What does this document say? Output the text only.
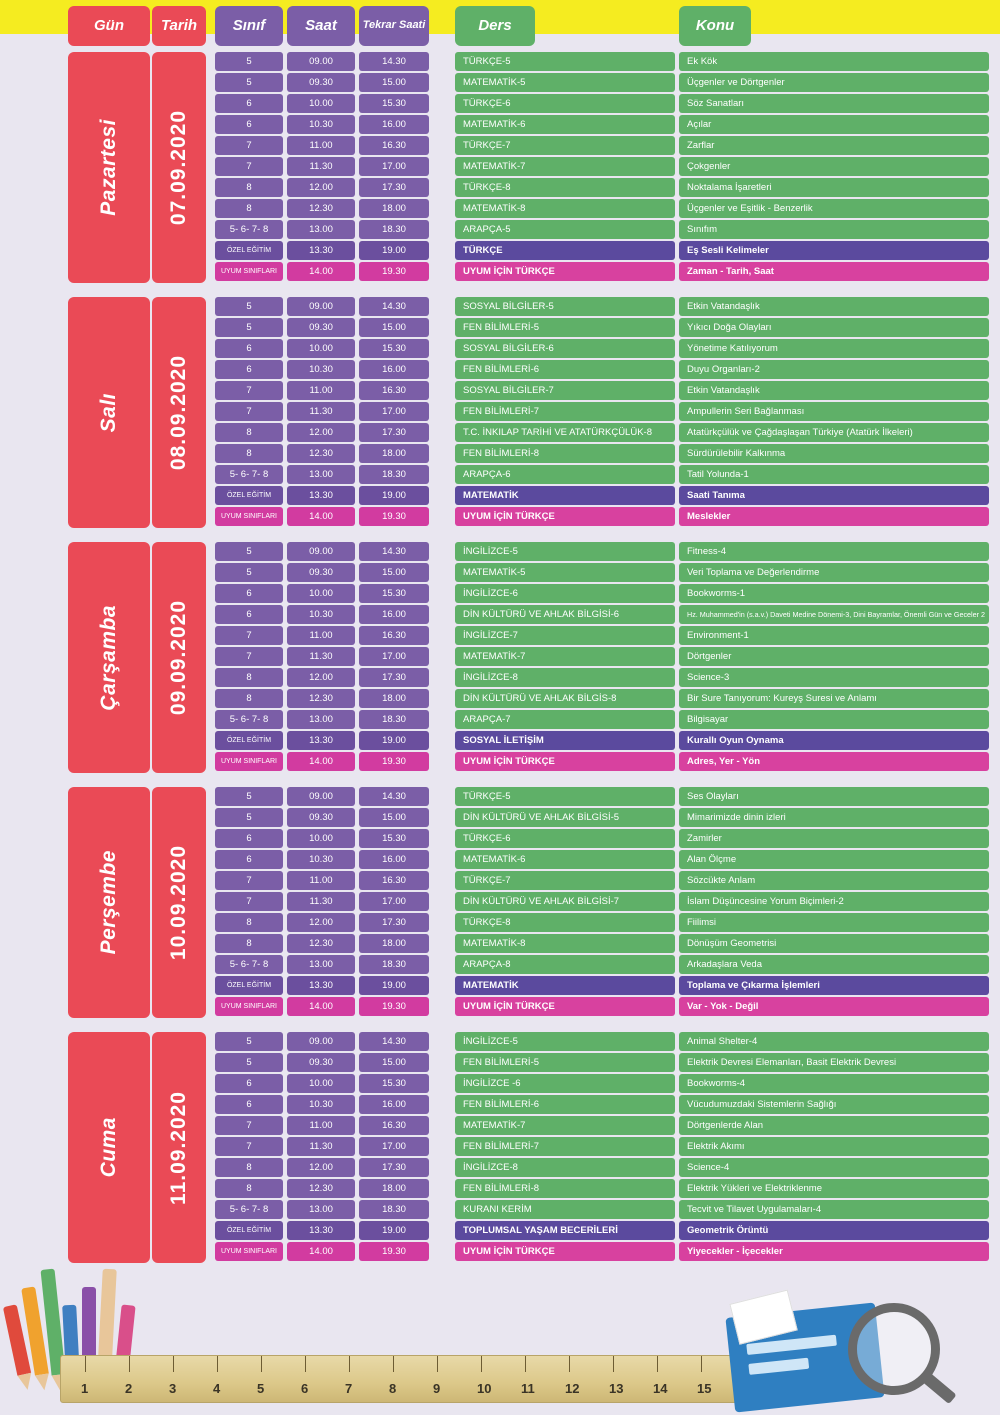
Gün	Tarih	Sınıf	Saat	Tekrar Saati	Ders	Konu
Pazartesi 07.09.2020
5	09.00	14.30	TÜRKÇE-5	Ek Kök
5	09.30	15.00	MATEMATİK-5	Üçgenler ve Dörtgenler
6	10.00	15.30	TÜRKÇE-6	Söz Sanatları
6	10.30	16.00	MATEMATİK-6	Açılar
7	11.00	16.30	TÜRKÇE-7	Zarflar
7	11.30	17.00	MATEMATİK-7	Çokgenler
8	12.00	17.30	TÜRKÇE-8	Noktalama İşaretleri
8	12.30	18.00	MATEMATİK-8	Üçgenler ve Eşitlik - Benzerlik
5- 6- 7- 8	13.00	18.30	ARAPÇA-5	Sınıfım
ÖZEL EĞİTİM	13.30	19.00	TÜRKÇE	Eş Sesli Kelimeler
UYUM SINIFLARI	14.00	19.30	UYUM İÇİN TÜRKÇE	Zaman - Tarih, Saat
Salı 08.09.2020
5	09.00	14.30	SOSYAL BİLGİLER-5	Etkin Vatandaşlık
5	09.30	15.00	FEN BİLİMLERİ-5	Yıkıcı Doğa Olayları
6	10.00	15.30	SOSYAL BİLGİLER-6	Yönetime Katılıyorum
6	10.30	16.00	FEN BİLİMLERİ-6	Duyu Organları-2
7	11.00	16.30	SOSYAL BİLGİLER-7	Etkin Vatandaşlık
7	11.30	17.00	FEN BİLİMLERİ-7	Ampullerin Seri Bağlanması
8	12.00	17.30	T.C. İNKILAP TARİHİ VE ATATÜRKÇÜLÜK-8	Atatürkçülük ve Çağdaşlaşan Türkiye (Atatürk İlkeleri)
8	12.30	18.00	FEN BİLİMLERİ-8	Sürdürülebilir Kalkınma
5- 6- 7- 8	13.00	18.30	ARAPÇA-6	Tatil Yolunda-1
ÖZEL EĞİTİM	13.30	19.00	MATEMATİK	Saati Tanıma
UYUM SINIFLARI	14.00	19.30	UYUM İÇİN TÜRKÇE	Meslekler
Çarşamba 09.09.2020
5	09.00	14.30	İNGİLİZCE-5	Fitness-4
5	09.30	15.00	MATEMATİK-5	Veri Toplama ve Değerlendirme
6	10.00	15.30	İNGİLİZCE-6	Bookworms-1
6	10.30	16.00	DİN KÜLTÜRÜ VE AHLAK BİLGİSİ-6	Hz. Muhammed'in (s.a.v.) Daveti Medine Dönemi-3, Dini Bayramlar, Önemli Gün ve Geceler 2
7	11.00	16.30	İNGİLİZCE-7	Environment-1
7	11.30	17.00	MATEMATİK-7	Dörtgenler
8	12.00	17.30	İNGİLİZCE-8	Science-3
8	12.30	18.00	DİN KÜLTÜRÜ VE AHLAK BİLGİS-8	Bir Sure Tanıyorum: Kureyş Suresi ve Anlamı
5- 6- 7- 8	13.00	18.30	ARAPÇA-7	Bilgisayar
ÖZEL EĞİTİM	13.30	19.00	SOSYAL İLETİŞİM	Kurallı Oyun Oynama
UYUM SINIFLARI	14.00	19.30	UYUM İÇİN TÜRKÇE	Adres, Yer - Yön
Perşembe 10.09.2020
5	09.00	14.30	TÜRKÇE-5	Ses Olayları
5	09.30	15.00	DİN KÜLTÜRÜ VE AHLAK BİLGİSİ-5	Mimarimizde dinin izleri
6	10.00	15.30	TÜRKÇE-6	Zamirler
6	10.30	16.00	MATEMATİK-6	Alan Ölçme
7	11.00	16.30	TÜRKÇE-7	Sözcükte Anlam
7	11.30	17.00	DİN KÜLTÜRÜ VE AHLAK BİLGİSİ-7	İslam Düşüncesine Yorum Biçimleri-2
8	12.00	17.30	TÜRKÇE-8	Fiilimsi
8	12.30	18.00	MATEMATİK-8	Dönüşüm Geometrisi
5- 6- 7- 8	13.00	18.30	ARAPÇA-8	Arkadaşlara Veda
ÖZEL EĞİTİM	13.30	19.00	MATEMATİK	Toplama ve Çıkarma İşlemleri
UYUM SINIFLARI	14.00	19.30	UYUM İÇİN TÜRKÇE	Var - Yok - Değil
Cuma 11.09.2020
5	09.00	14.30	İNGİLİZCE-5	Animal Shelter-4
5	09.30	15.00	FEN BİLİMLERİ-5	Elektrik Devresi Elemanları, Basit Elektrik Devresi
6	10.00	15.30	İNGİLİZCE -6	Bookworms-4
6	10.30	16.00	FEN BİLİMLERİ-6	Vücudumuzdaki Sistemlerin Sağlığı
7	11.00	16.30	MATEMATİK-7	Dörtgenlerde Alan
7	11.30	17.00	FEN BİLİMLERİ-7	Elektrik Akımı
8	12.00	17.30	İNGİLİZCE-8	Science-4
8	12.30	18.00	FEN BİLİMLERİ-8	Elektrik Yükleri ve Elektriklenme
5- 6- 7- 8	13.00	18.30	KURANI KERİM	Tecvit ve Tilavet Uygulamaları-4
ÖZEL EĞİTİM	13.30	19.00	TOPLUMSAL YAŞAM BECERİLERİ	Geometrik Örüntü
UYUM SINIFLARI	14.00	19.30	UYUM İÇİN TÜRKÇE	Yiyecekler - İçecekler
1	2	3	4	5	6	7	8	9	10 11 12 13 14 15
